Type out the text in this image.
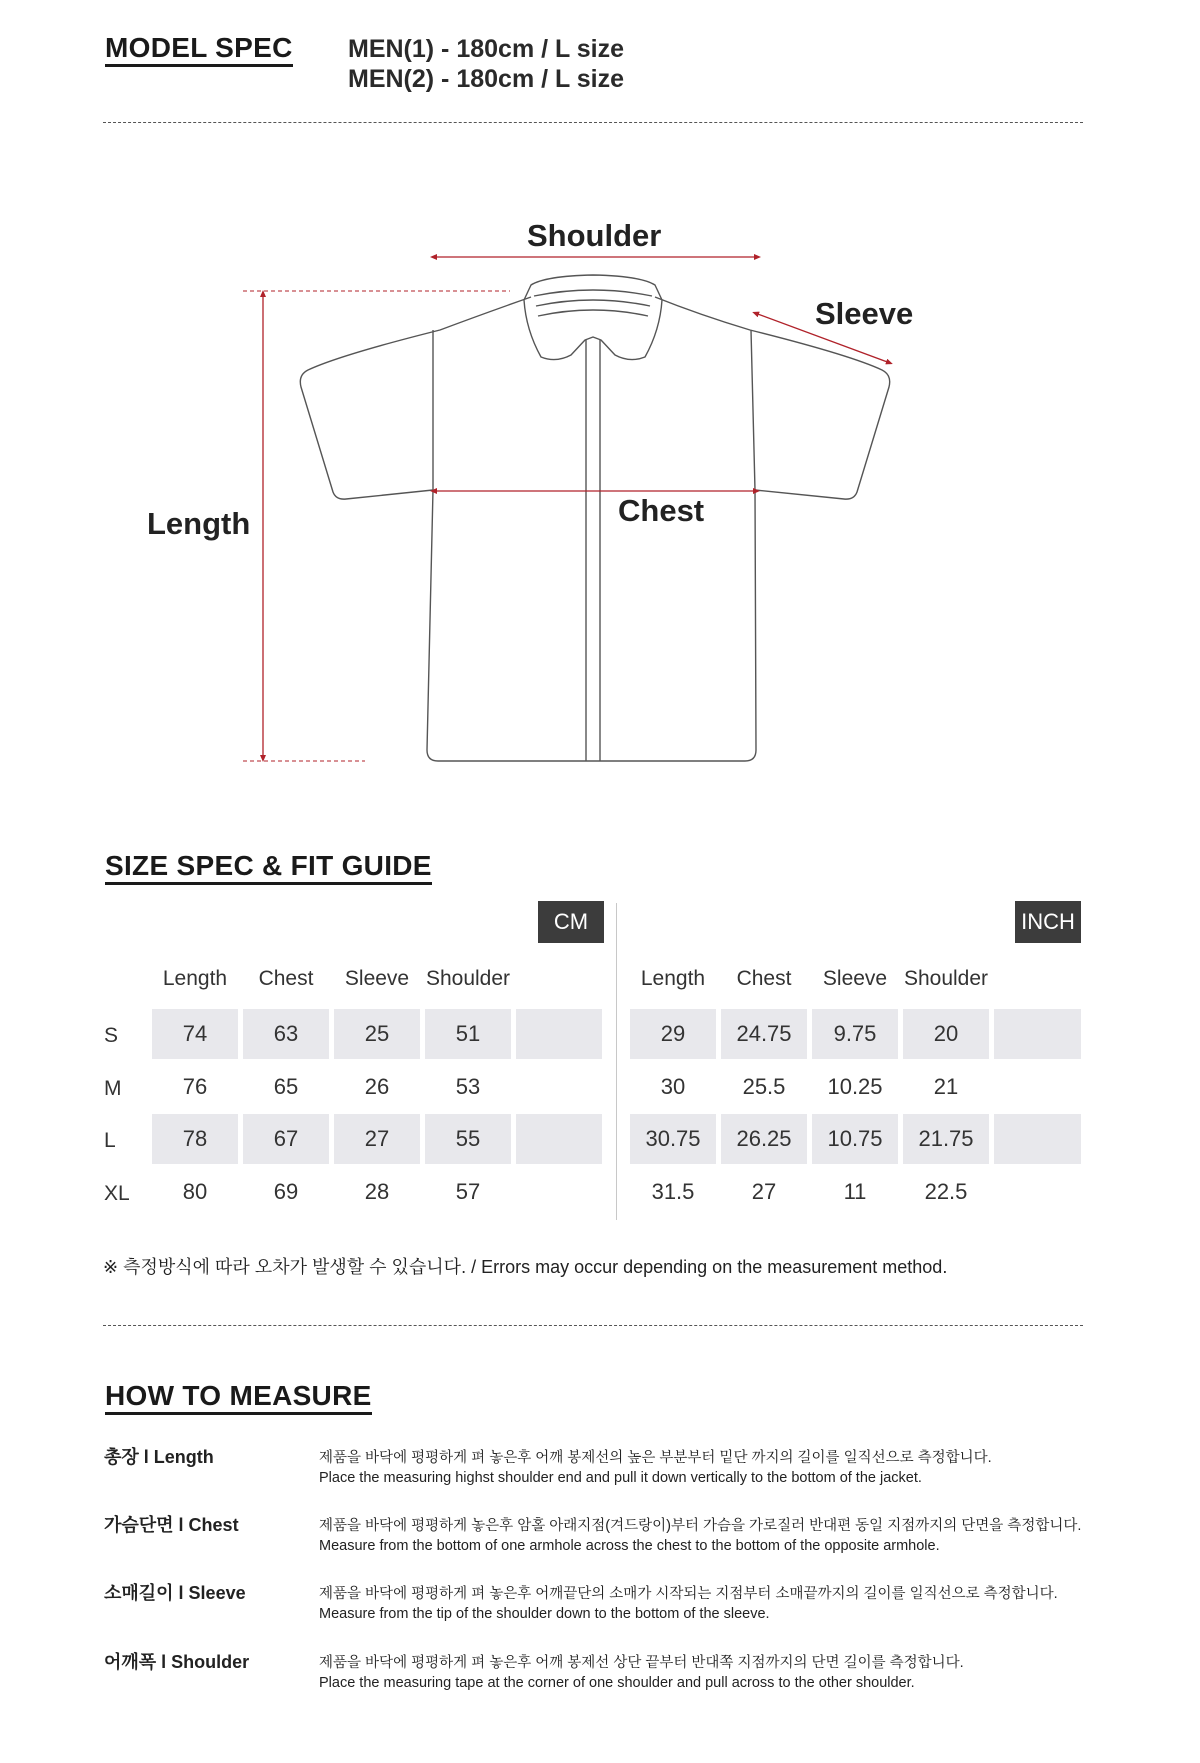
MODEL SPEC MEN(1) - 180cm / L size
MEN(2) - 180cm / L size
Shoulder
Sleeve
Chest
Length
SIZE SPEC & FIT GUIDE
CM	INCH
Length	Chest	Sleeve Shoulder	Length	Chest	Sleeve Shoulder
S	74	63	25	51	29	24.75	9.75	20
M	76	65	26	53	30	25.5	10.25	21
L	78	67	27	55	30.75	26.25	10.75	21.75
XL	80	69	28	57	31.5	27	11	22.5
※ 측정방식에 따라 오차가 발생할 수 있습니다. / Errors may occur depending on the measurement method.
HOW TO MEASURE
총장 l Length	제품을 바닥에 평평하게 펴 놓은후 어깨 봉제선의 높은 부분부터 밑단 까지의 길이를 일직선으로 측정합니다.
Place the measuring highst shoulder end and pull it down vertically to the bottom of the jacket.
가슴단면 l Chest	제품을 바닥에 평평하게 놓은후 암홀 아래지점(겨드랑이)부터 가슴을 가로질러 반대편 동일 지점까지의 단면을 측정합니다.
Measure from the bottom of one armhole across the chest to the bottom of the opposite armhole.
소매길이 l Sleeve	제품을 바닥에 평평하게 펴 놓은후 어깨끝단의 소매가 시작되는 지점부터 소매끝까지의 길이를 일직선으로 측정합니다.
Measure from the tip of the shoulder down to the bottom of the sleeve.
어깨폭 l Shoulder	제품을 바닥에 평평하게 펴 놓은후 어깨 봉제선 상단 끝부터 반대쪽 지점까지의 단면 길이를 측정합니다.
Place the measuring tape at the corner of one shoulder and pull across to the other shoulder.
